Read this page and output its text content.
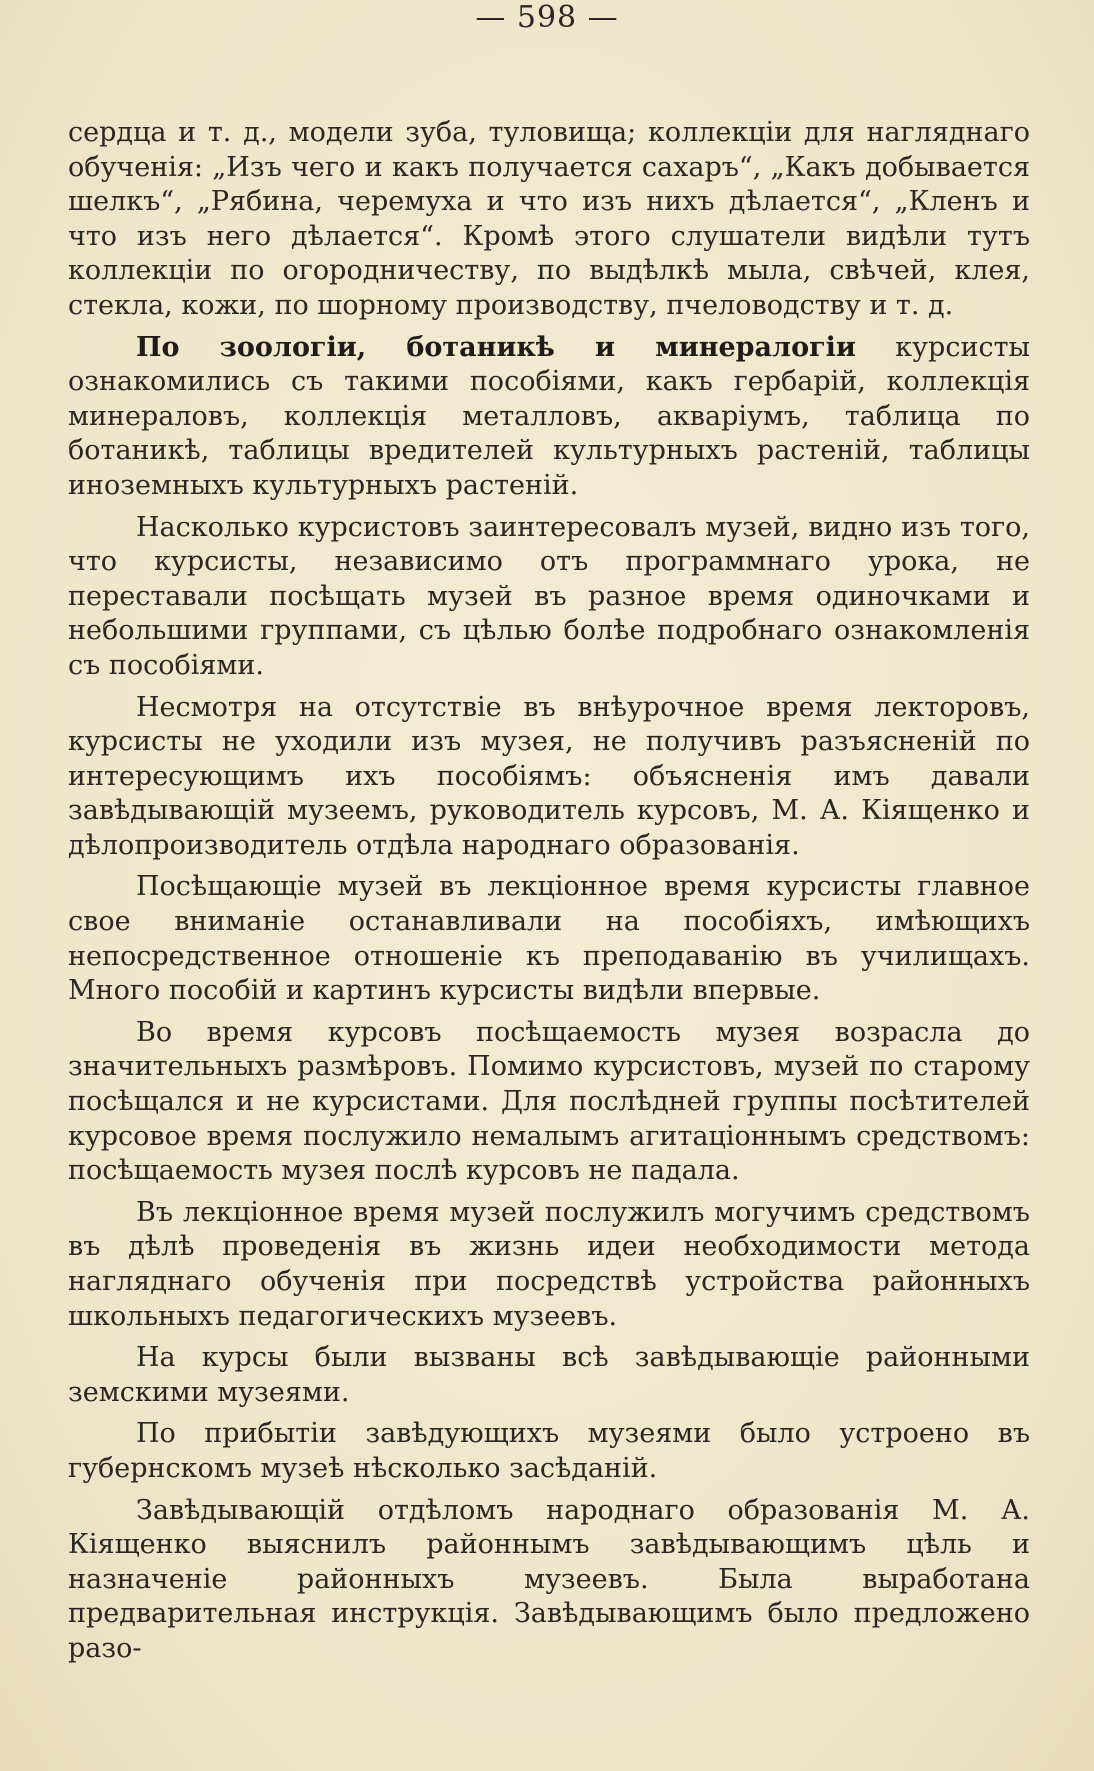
— 598 —

сердца и т. д., модели зуба, туловища; коллекціи для нагляднаго обученія: „Изъ чего и какъ получается сахаръ“, „Какъ добывается шелкъ“, „Рябина, черемуха и что изъ нихъ дѣлается“, „Кленъ и что изъ него дѣлается“. Кромѣ этого слушатели видѣли тутъ коллекціи по огородничеству, по выдѣлкѣ мыла, свѣчей, клея, стекла, кожи, по шорному производству, пчеловодству и т. д.

По зоологіи, ботаникѣ и минералогіи курсисты ознакомились съ такими пособіями, какъ гербарій, коллекція минераловъ, коллекція металловъ, акваріумъ, таблица по ботаникѣ, таблицы вредителей культурныхъ растеній, таблицы иноземныхъ культурныхъ растеній.

Насколько курсистовъ заинтересовалъ музей, видно изъ того, что курсисты, независимо отъ программнаго урока, не переставали посѣщать музей въ разное время одиночками и небольшими группами, съ цѣлью болѣе подробнаго ознакомленія съ пособіями.

Несмотря на отсутствіе въ внѣурочное время лекторовъ, курсисты не уходили изъ музея, не получивъ разъясненій по интересующимъ ихъ пособіямъ: объясненія имъ давали завѣдывающій музеемъ, руководитель курсовъ, М. А. Кіященко и дѣлопроизводитель отдѣла народнаго образованія.

Посѣщающіе музей въ лекціонное время курсисты главное свое вниманіе останавливали на пособіяхъ, имѣющихъ непосредственное отношеніе къ преподаванію въ училищахъ. Много пособій и картинъ курсисты видѣли впервые.

Во время курсовъ посѣщаемость музея возрасла до значительныхъ размѣровъ. Помимо курсистовъ, музей по старому посѣщался и не курсистами. Для послѣдней группы посѣтителей курсовое время послужило немалымъ агитаціоннымъ средствомъ: посѣщаемость музея послѣ курсовъ не падала.

Въ лекціонное время музей послужилъ могучимъ средствомъ въ дѣлѣ проведенія въ жизнь идеи необходимости метода нагляднаго обученія при посредствѣ устройства районныхъ школьныхъ педагогическихъ музеевъ.

На курсы были вызваны всѣ завѣдывающіе районными земскими музеями.

По прибытіи завѣдующихъ музеями было устроено въ губернскомъ музеѣ нѣсколько засѣданій.

Завѣдывающій отдѣломъ народнаго образованія М. А. Кіященко выяснилъ районнымъ завѣдывающимъ цѣль и назначеніе районныхъ музеевъ. Была выработана предварительная инструкція. Завѣдывающимъ было предложено разо-
